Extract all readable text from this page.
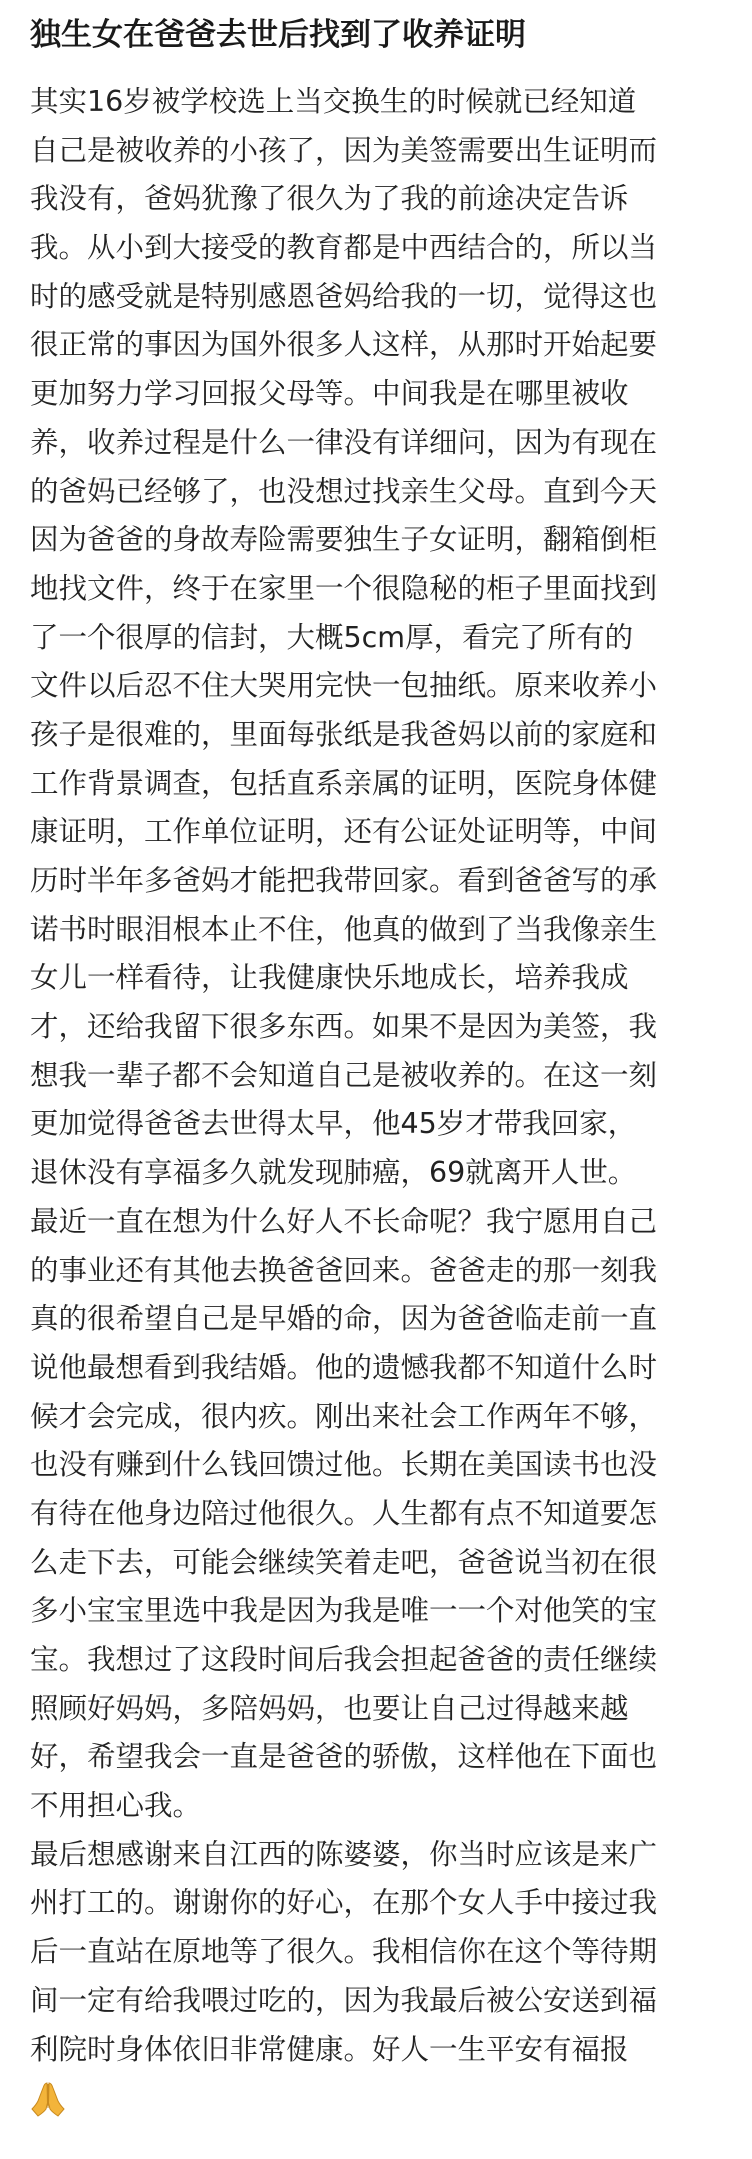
独生女在爸爸去世后找到了收养证明
其实16岁被学校选上当交换生的时候就已经知道
自己是被收养的小孩了，因为美签需要出生证明而
我没有，爸妈犹豫了很久为了我的前途决定告诉
我。从小到大接受的教育都是中西结合的，所以当
时的感受就是特别感恩爸妈给我的一切，觉得这也
很正常的事因为国外很多人这样，从那时开始起要
更加努力学习回报父母等。中间我是在哪里被收
养，收养过程是什么一律没有详细问，因为有现在
的爸妈已经够了，也没想过找亲生父母。直到今天
因为爸爸的身故寿险需要独生子女证明，翻箱倒柜
地找文件，终于在家里一个很隐秘的柜子里面找到
了一个很厚的信封，大概5cm厚，看完了所有的
文件以后忍不住大哭用完快一包抽纸。原来收养小
孩子是很难的，里面每张纸是我爸妈以前的家庭和
工作背景调查，包括直系亲属的证明，医院身体健
康证明，工作单位证明，还有公证处证明等，中间
历时半年多爸妈才能把我带回家。看到爸爸写的承
诺书时眼泪根本止不住，他真的做到了当我像亲生
女儿一样看待，让我健康快乐地成长，培养我成
才，还给我留下很多东西。如果不是因为美签，我
想我一辈子都不会知道自己是被收养的。在这一刻
更加觉得爸爸去世得太早，他45岁才带我回家，
退休没有享福多久就发现肺癌，69就离开人世。
最近一直在想为什么好人不长命呢？我宁愿用自己
的事业还有其他去换爸爸回来。爸爸走的那一刻我
真的很希望自己是早婚的命，因为爸爸临走前一直
说他最想看到我结婚。他的遗憾我都不知道什么时
候才会完成，很内疚。刚出来社会工作两年不够，
也没有赚到什么钱回馈过他。长期在美国读书也没
有待在他身边陪过他很久。人生都有点不知道要怎
么走下去，可能会继续笑着走吧，爸爸说当初在很
多小宝宝里选中我是因为我是唯一一个对他笑的宝
宝。我想过了这段时间后我会担起爸爸的责任继续
照顾好妈妈，多陪妈妈，也要让自己过得越来越
好，希望我会一直是爸爸的骄傲，这样他在下面也
不用担心我。
最后想感谢来自江西的陈婆婆，你当时应该是来广
州打工的。谢谢你的好心，在那个女人手中接过我
后一直站在原地等了很久。我相信你在这个等待期
间一定有给我喂过吃的，因为我最后被公安送到福
利院时身体依旧非常健康。好人一生平安有福报
